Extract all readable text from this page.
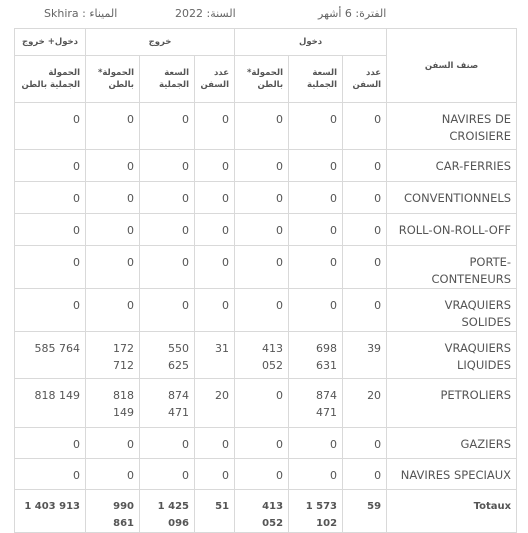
Skhira : الميناء	السنة: 2022	الفترة: 6 أشهر
دخول+ خروج	خروج			دخول			صنف السفن
الحمولة الجملية بالطن	الحمولة* بالطن	السعة الجملية	عدد السفن	الحمولة* بالطن	السعة الجملية	عدد السفن	
0	0	0	0	0	0	0	NAVIRES DE CROISIERE
0	0	0	0	0	0	0	CAR-FERRIES
0	0	0	0	0	0	0	CONVENTIONNELS
0	0	0	0	0	0	0	ROLL-ON-ROLL-OFF
0	0	0	0	0	0	0	PORTE-CONTENEURS
0	0	0	0	0	0	0	VRAQUIERS SOLIDES
585 764	172 712	550 625	31	413 052	698 631	39	VRAQUIERS LIQUIDES
818 149	818 149	874 471	20	0	874 471	20	PETROLIERS
0	0	0	0	0	0	0	GAZIERS
0	0	0	0	0	0	0	NAVIRES SPECIAUX
1 403 913	990 861	1 425 096	51	413 052	1 573 102	59	Totaux
